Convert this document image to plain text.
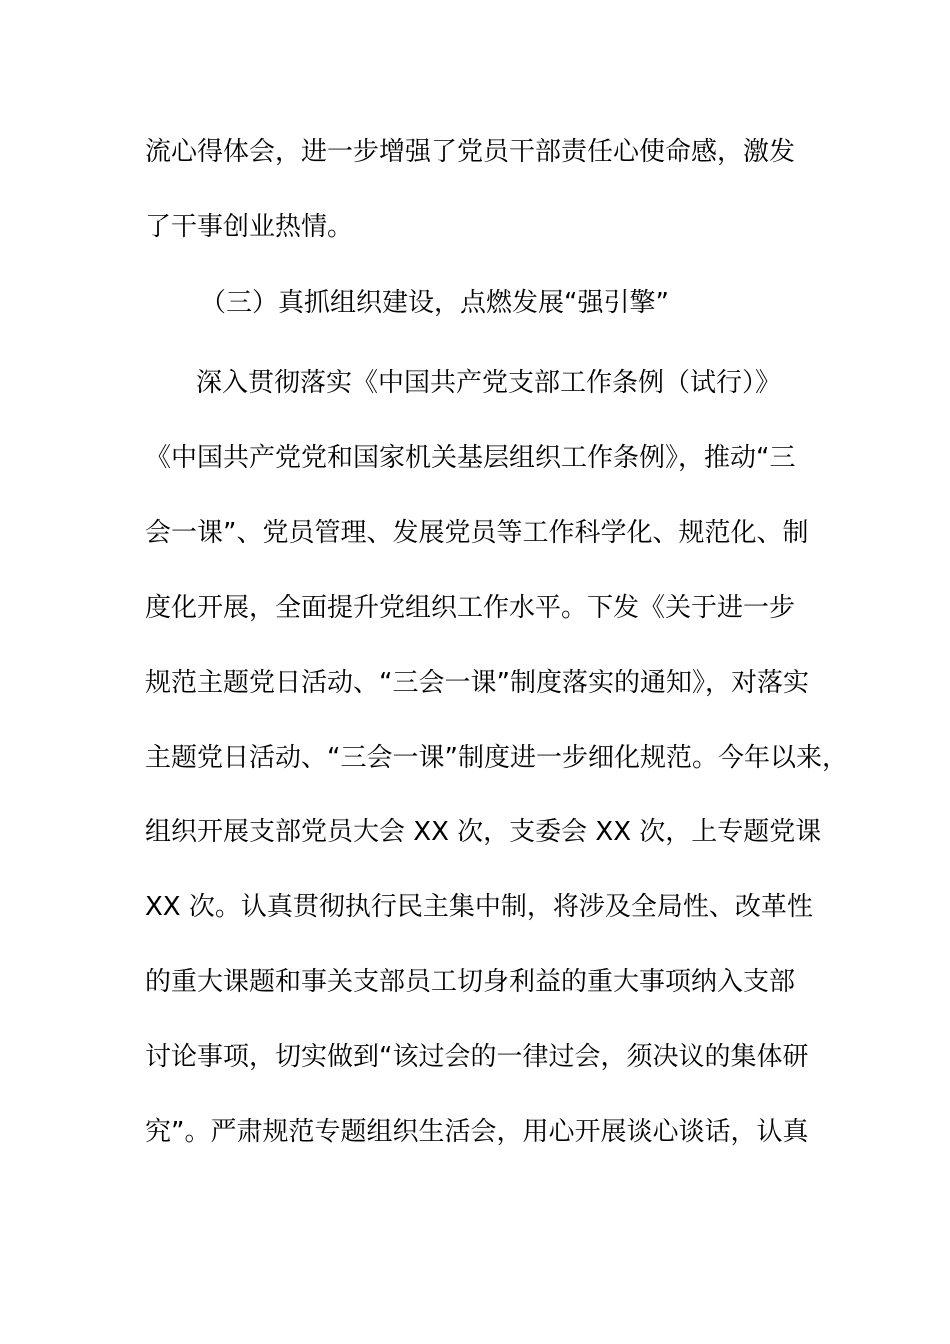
流心得体会，进一步增强了党员干部责任心使命感，激发
了干事创业热情。
（三）真抓组织建设，点燃发展“强引擎”
深入贯彻落实《中国共产党支部工作条例（试行）》
《中国共产党党和国家机关基层组织工作条例》，推动“三
会一课”、党员管理、发展党员等工作科学化、规范化、制
度化开展，全面提升党组织工作水平。下发《关于进一步
规范主题党日活动、“三会一课”制度落实的通知》，对落实
主题党日活动、“三会一课”制度进一步细化规范。今年以来，
组织开展支部党员大会 XX 次，支委会 XX 次，上专题党课
XX 次。认真贯彻执行民主集中制，将涉及全局性、改革性
的重大课题和事关支部员工切身利益的重大事项纳入支部
讨论事项，切实做到“该过会的一律过会，须决议的集体研
究”。严肃规范专题组织生活会，用心开展谈心谈话，认真
